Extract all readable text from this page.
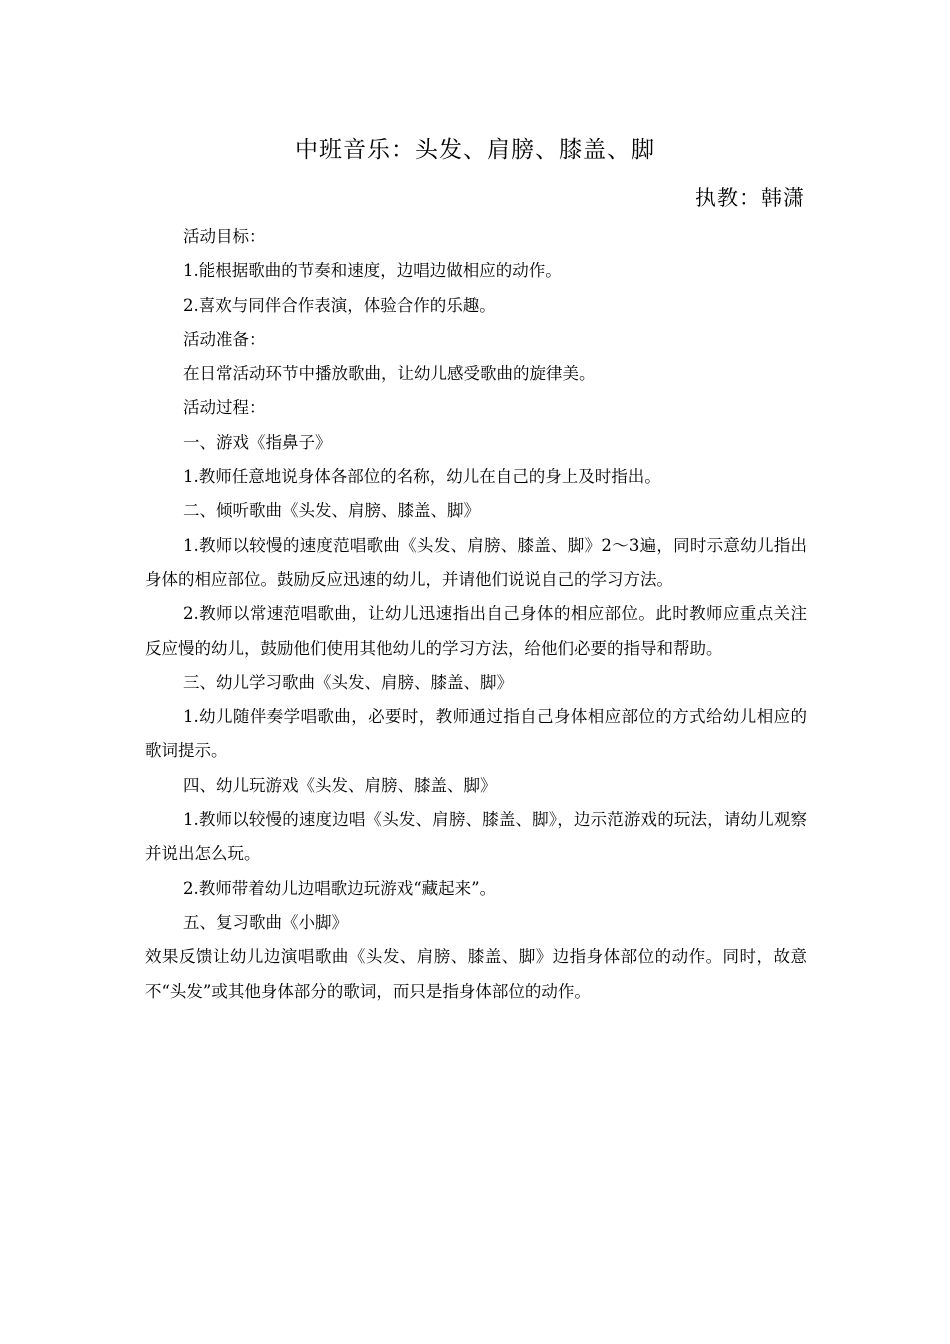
中班音乐：头发、肩膀、膝盖、脚
执教：韩潇

活动目标：

1.能根据歌曲的节奏和速度，边唱边做相应的动作。

2.喜欢与同伴合作表演，体验合作的乐趣。

活动准备：

在日常活动环节中播放歌曲，让幼儿感受歌曲的旋律美。

活动过程：

一、游戏《指鼻子》

1.教师任意地说身体各部位的名称，幼儿在自己的身上及时指出。

二、倾听歌曲《头发、肩膀、膝盖、脚》

1.教师以较慢的速度范唱歌曲《头发、肩膀、膝盖、脚》2～3遍，同时示意幼儿指出身体的相应部位。鼓励反应迅速的幼儿，并请他们说说自己的学习方法。

2.教师以常速范唱歌曲，让幼儿迅速指出自己身体的相应部位。此时教师应重点关注反应慢的幼儿，鼓励他们使用其他幼儿的学习方法，给他们必要的指导和帮助。

三、幼儿学习歌曲《头发、肩膀、膝盖、脚》

1.幼儿随伴奏学唱歌曲，必要时，教师通过指自己身体相应部位的方式给幼儿相应的歌词提示。

四、幼儿玩游戏《头发、肩膀、膝盖、脚》

1.教师以较慢的速度边唱《头发、肩膀、膝盖、脚》，边示范游戏的玩法，请幼儿观察并说出怎么玩。

2.教师带着幼儿边唱歌边玩游戏“藏起来”。

五、复习歌曲《小脚》

效果反馈让幼儿边演唱歌曲《头发、肩膀、膝盖、脚》边指身体部位的动作。同时，故意不“头发”或其他身体部分的歌词，而只是指身体部位的动作。
